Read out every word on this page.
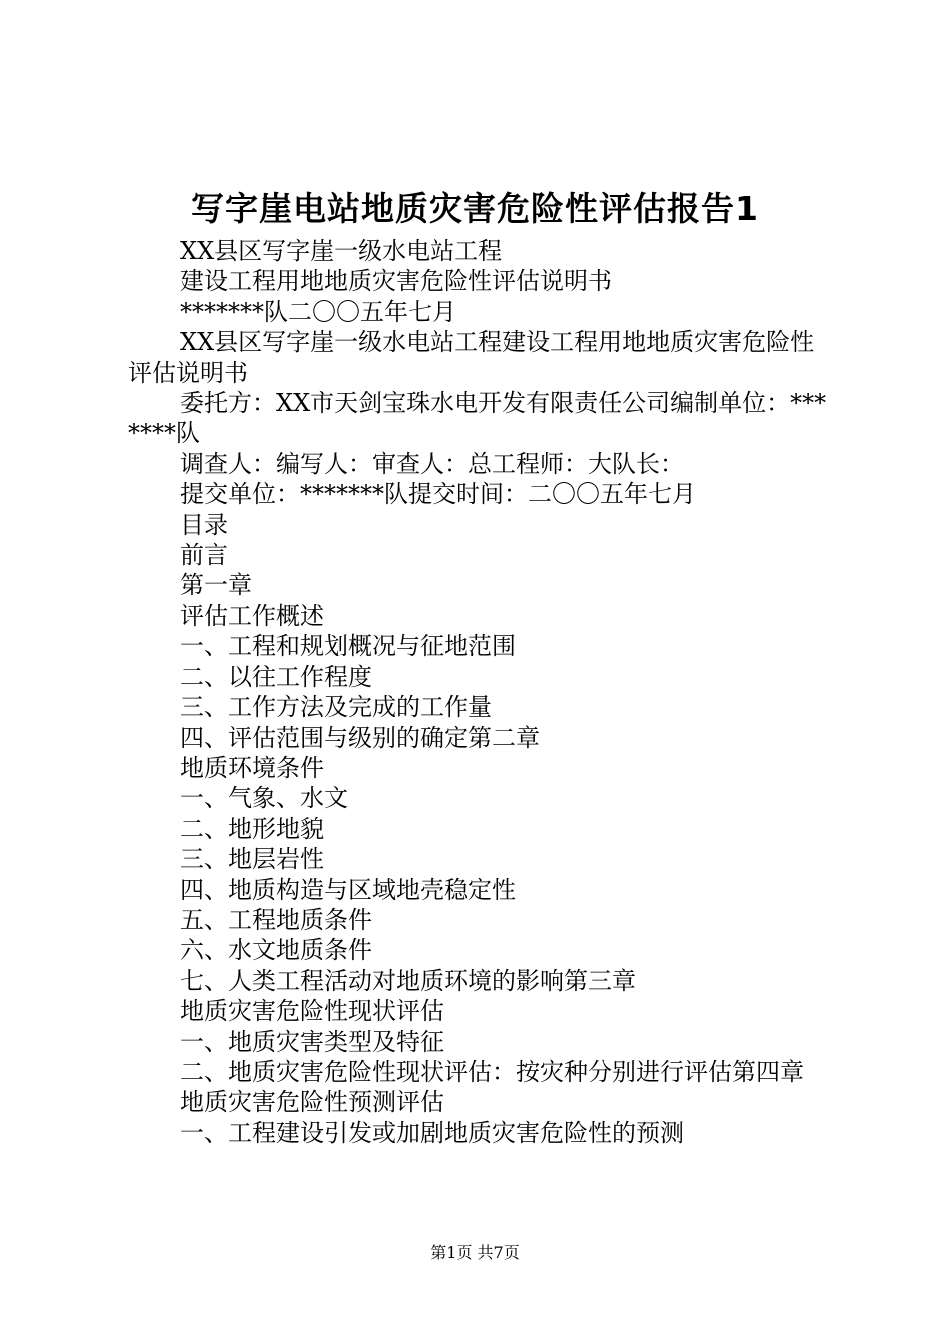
写字崖电站地质灾害危险性评估报告1

XX县区写字崖一级水电站工程

建设工程用地地质灾害危险性评估说明书

*******队二〇〇五年七月

XX县区写字崖一级水电站工程建设工程用地地质灾害危险性评估说明书

委托方：XX市天剑宝珠水电开发有限责任公司编制单位：*******队

调查人：编写人：审查人：总工程师：大队长：

提交单位：*******队提交时间：二〇〇五年七月

目录

前言

第一章

评估工作概述

一、工程和规划概况与征地范围

二、以往工作程度

三、工作方法及完成的工作量

四、评估范围与级别的确定第二章

地质环境条件

一、气象、水文

二、地形地貌

三、地层岩性

四、地质构造与区域地壳稳定性

五、工程地质条件

六、水文地质条件

七、人类工程活动对地质环境的影响第三章

地质灾害危险性现状评估

一、地质灾害类型及特征

二、地质灾害危险性现状评估：按灾种分别进行评估第四章

地质灾害危险性预测评估

一、工程建设引发或加剧地质灾害危险性的预测

第1页 共7页
